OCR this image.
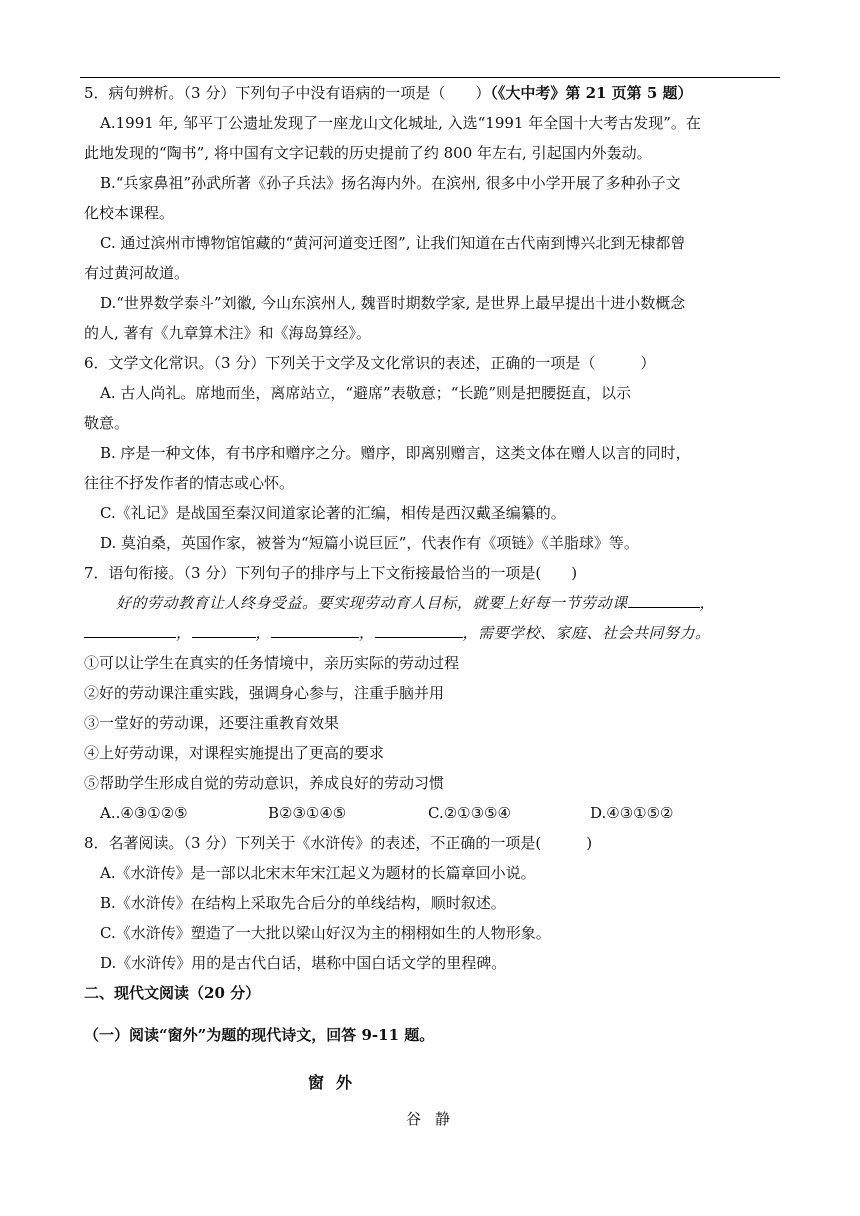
5．病句辨析。（3 分）下列句子中没有语病的一项是（　　）（《大中考》第 21 页第 5 题）
A.1991 年, 邹平丁公遗址发现了一座龙山文化城址, 入选“1991 年全国十大考古发现”。在
此地发现的“陶书”, 将中国有文字记载的历史提前了约 800 年左右, 引起国内外轰动。
B.“兵家鼻祖”孙武所著《孙子兵法》扬名海内外。在滨州, 很多中小学开展了多种孙子文
化校本课程。
C. 通过滨州市博物馆馆藏的“黄河河道变迁图”, 让我们知道在古代南到博兴北到无棣都曾
有过黄河故道。
D.“世界数学泰斗”刘徽, 今山东滨州人, 魏晋时期数学家, 是世界上最早提出十进小数概念
的人, 著有《九章算术注》和《海岛算经》。
6．文学文化常识。（3 分）下列关于文学及文化常识的表述，正确的一项是（　　　）
A. 古人尚礼。席地而坐，离席站立，“避席”表敬意；“长跪”则是把腰挺直，以示
敬意。
B. 序是一种文体，有书序和赠序之分。赠序，即离别赠言，这类文体在赠人以言的同时，
往往不抒发作者的情志或心怀。
C.《礼记》是战国至秦汉间道家论著的汇编，相传是西汉戴圣编纂的。
D. 莫泊桑，英国作家，被誉为“短篇小说巨匠”，代表作有《项链》《羊脂球》等。
7．语句衔接。（3 分）下列句子的排序与上下文衔接最恰当的一项是(　　)
好的劳动教育让人终身受益。要实现劳动育人目标，就要上好每一节劳动课	，
，	，	，	，需要学校、家庭、社会共同努力。
①可以让学生在真实的任务情境中，亲历实际的劳动过程
②好的劳动课注重实践，强调身心参与，注重手脑并用
③一堂好的劳动课，还要注重教育效果
④上好劳动课，对课程实施提出了更高的要求
⑤帮助学生形成自觉的劳动意识，养成良好的劳动习惯
A..④③①②⑤	B②③①④⑤	C.②①③⑤④	D.④③①⑤②
8．名著阅读。（3 分）下列关于《水浒传》的表述，不正确的一项是(　　　)
A.《水浒传》是一部以北宋末年宋江起义为题材的长篇章回小说。
B.《水浒传》在结构上采取先合后分的单线结构，顺时叙述。
C.《水浒传》塑造了一大批以梁山好汉为主的栩栩如生的人物形象。
D.《水浒传》用的是古代白话，堪称中国白话文学的里程碑。
二、现代文阅读（20 分）
（一）阅读“窗外”为题的现代诗文，回答 9-11 题。
窗外
谷静
